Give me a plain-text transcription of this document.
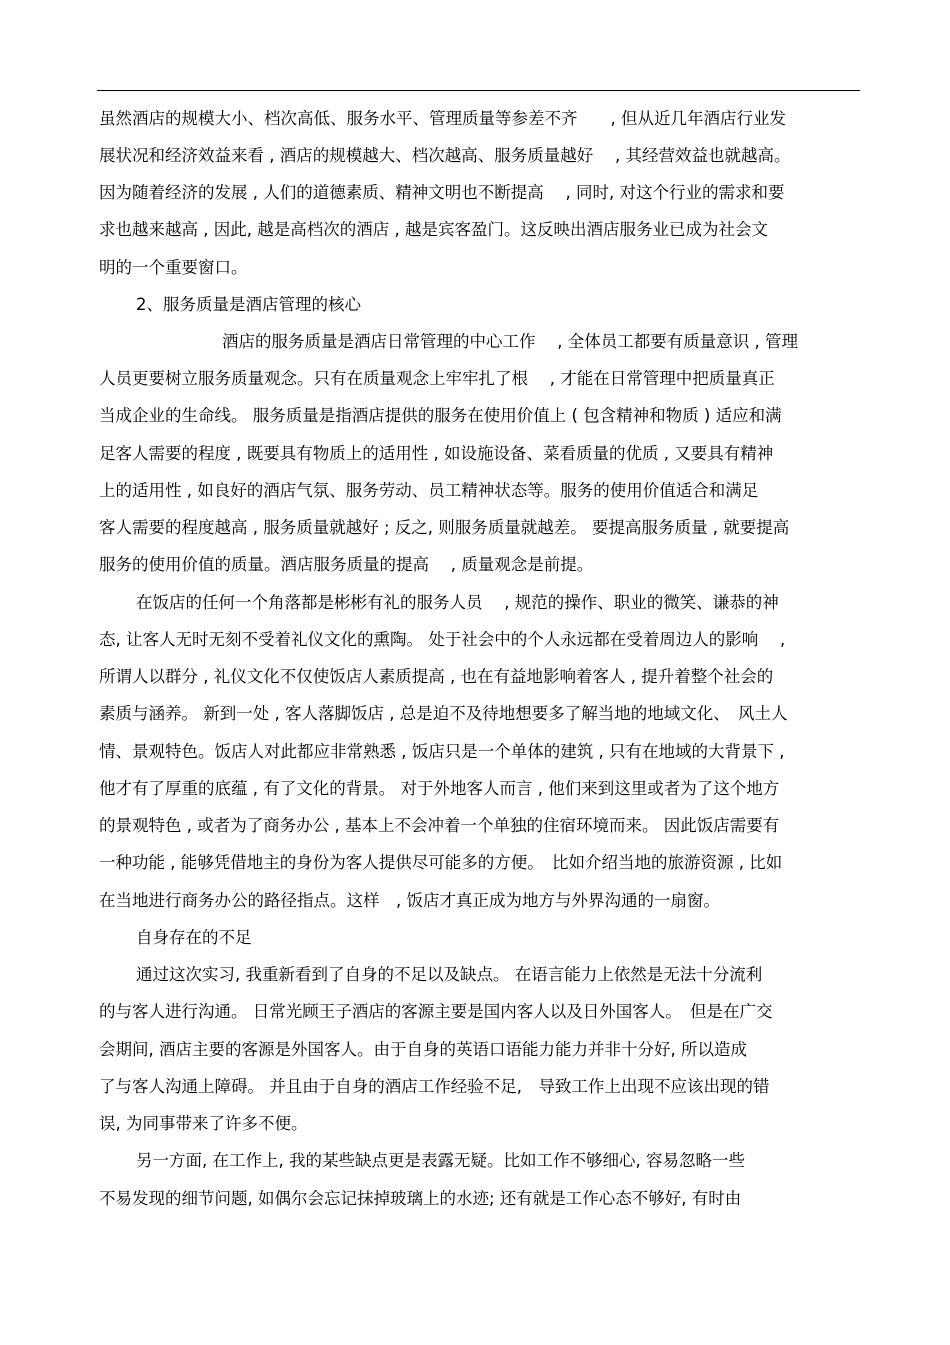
虽然酒店的规模大小、档次高低、服务水平、管理质量等参差不齐　　, 但从近几年酒店行业发
展状况和经济效益来看 , 酒店的规模越大、档次越高、服务质量越好　 , 其经营效益也就越高。
因为随着经济的发展 , 人们的道德素质、精神文明也不断提高　 , 同时, 对这个行业的需求和要
求也越来越高 , 因此, 越是高档次的酒店 , 越是宾客盈门。这反映出酒店服务业已成为社会文
明的一个重要窗口。
2、服务质量是酒店管理的核心
酒店的服务质量是酒店日常管理的中心工作　 , 全体员工都要有质量意识 , 管理
人员更要树立服务质量观念。只有在质量观念上牢牢扎了根　 , 才能在日常管理中把质量真正
当成企业的生命线。 服务质量是指酒店提供的服务在使用价值上 ( 包含精神和物质 ) 适应和满
足客人需要的程度 , 既要具有物质上的适用性 , 如设施设备、菜看质量的优质 , 又要具有精神
上的适用性 , 如良好的酒店气氛、服务劳动、员工精神状态等。服务的使用价值适合和满足
客人需要的程度越高 , 服务质量就越好 ; 反之, 则服务质量就越差。 要提高服务质量 , 就要提高
服务的使用价值的质量。酒店服务质量的提高　 , 质量观念是前提。
在饭店的任何一个角落都是彬彬有礼的服务人员　 , 规范的操作、职业的微笑、谦恭的神
态, 让客人无时无刻不受着礼仪文化的熏陶。 处于社会中的个人永远都在受着周边人的影响　 ,
所谓人以群分 , 礼仪文化不仅使饭店人素质提高 , 也在有益地影响着客人 , 提升着整个社会的
素质与涵养。 新到一处 , 客人落脚饭店 , 总是迫不及待地想要多了解当地的地域文化、　风土人
情、景观特色。饭店人对此都应非常熟悉 , 饭店只是一个单体的建筑 , 只有在地域的大背景下 ,
他才有了厚重的底蕴 , 有了文化的背景。 对于外地客人而言 , 他们来到这里或者为了这个地方
的景观特色 , 或者为了商务办公 , 基本上不会冲着一个单独的住宿环境而来。 因此饭店需要有
一种功能 , 能够凭借地主的身份为客人提供尽可能多的方便。　比如介绍当地的旅游资源 , 比如
在当地进行商务办公的路径指点。这样　, 饭店才真正成为地方与外界沟通的一扇窗。
自身存在的不足
通过这次实习, 我重新看到了自身的不足以及缺点。 在语言能力上依然是无法十分流利
的与客人进行沟通。 日常光顾王子酒店的客源主要是国内客人以及日外国客人。　但是在广交
会期间, 酒店主要的客源是外国客人。由于自身的英语口语能力能力并非十分好, 所以造成
了与客人沟通上障碍。 并且由于自身的酒店工作经验不足,　导致工作上出现不应该出现的错
误, 为同事带来了许多不便。
另一方面, 在工作上, 我的某些缺点更是表露无疑。比如工作不够细心, 容易忽略一些
不易发现的细节问题, 如偶尔会忘记抹掉玻璃上的水迹; 还有就是工作心态不够好, 有时由
